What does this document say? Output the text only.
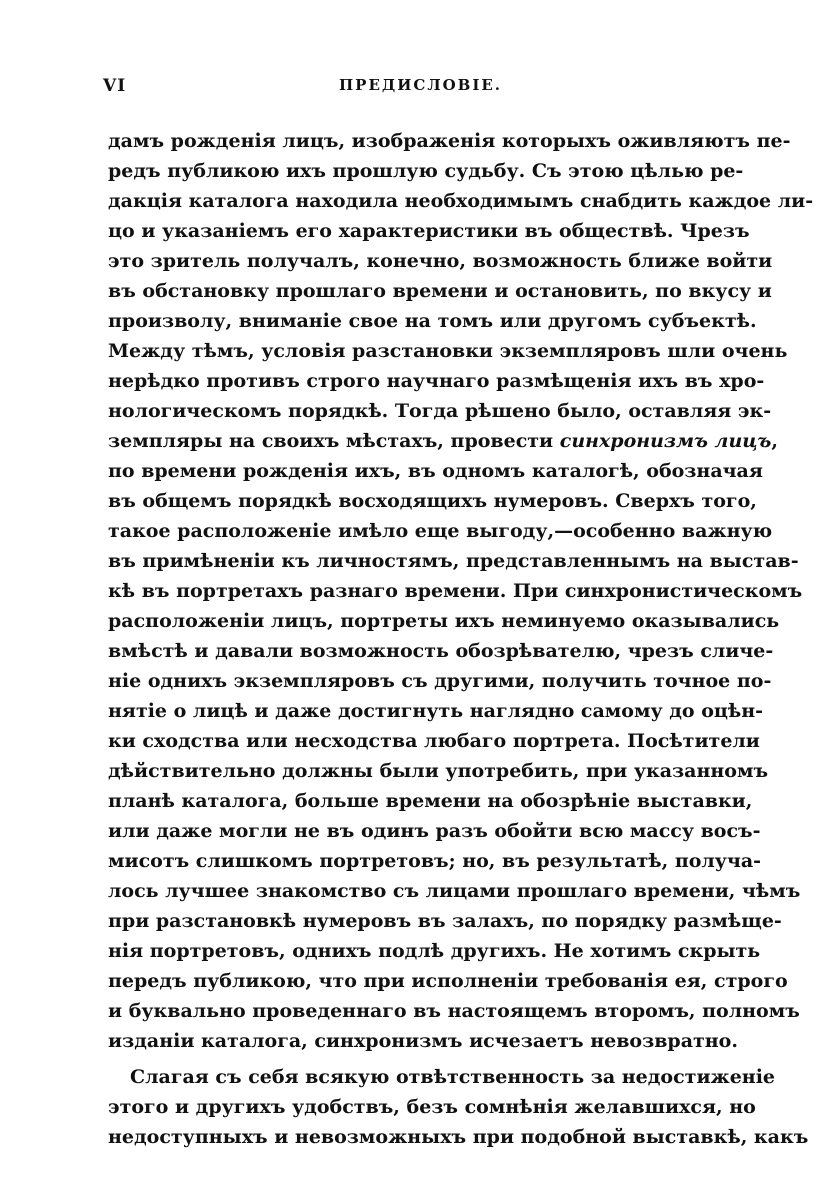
VI	ПРЕДИСЛОВIЕ.
дамъ рожденія лицъ, изображенія которыхъ оживляютъ пе-
редъ публикою ихъ прошлую судьбу. Съ этою цѣлью ре-
дакція каталога находила необходимымъ снабдить каждое ли-
цо и указаніемъ его характеристики въ обществѣ. Чрезъ
это зритель получалъ, конечно, возможность ближе войти
въ обстановку прошлаго времени и остановить, по вкусу и
произволу, вниманіе свое на томъ или другомъ субъектѣ.
Между тѣмъ, условія разстановки экземпляровъ шли очень
нерѣдко противъ строго научнаго размѣщенія ихъ въ хро-
нологическомъ порядкѣ. Тогда рѣшено было, оставляя эк-
земпляры на своихъ мѣстахъ, провести синхронизмъ лицъ,
по времени рожденія ихъ, въ одномъ каталогѣ, обозначая
въ общемъ порядкѣ восходящихъ нумеровъ. Сверхъ того,
такое расположеніе имѣло еще выгоду,—особенно важную
въ примѣненіи къ личностямъ, представленнымъ на выстав-
кѣ въ портретахъ разнаго времени. При синхронистическомъ
расположеніи лицъ, портреты ихъ неминуемо оказывались
вмѣстѣ и давали возможность обозрѣвателю, чрезъ сличе-
ніе однихъ экземпляровъ съ другими, получить точное по-
нятіе о лицѣ и даже достигнуть наглядно самому до оцѣн-
ки сходства или несходства любаго портрета. Посѣтители
дѣйствительно должны были употребить, при указанномъ
планѣ каталога, больше времени на обозрѣніе выставки,
или даже могли не въ одинъ разъ обойти всю массу восъ-
мисотъ слишкомъ портретовъ; но, въ результатѣ, получа-
лось лучшее знакомство съ лицами прошлаго времени, чѣмъ
при разстановкѣ нумеровъ въ залахъ, по порядку размѣще-
нія портретовъ, однихъ подлѣ другихъ. Не хотимъ скрыть
передъ публикою, что при исполненіи требованія ея, строго
и буквально проведеннаго въ настоящемъ второмъ, полномъ
изданіи каталога, синхронизмъ исчезаетъ невозвратно.
Слагая съ себя всякую отвѣтственность за недостиженіе
этого и другихъ удобствъ, безъ сомнѣнія желавшихся, но
недоступныхъ и невозможныхъ при подобной выставкѣ, какъ
